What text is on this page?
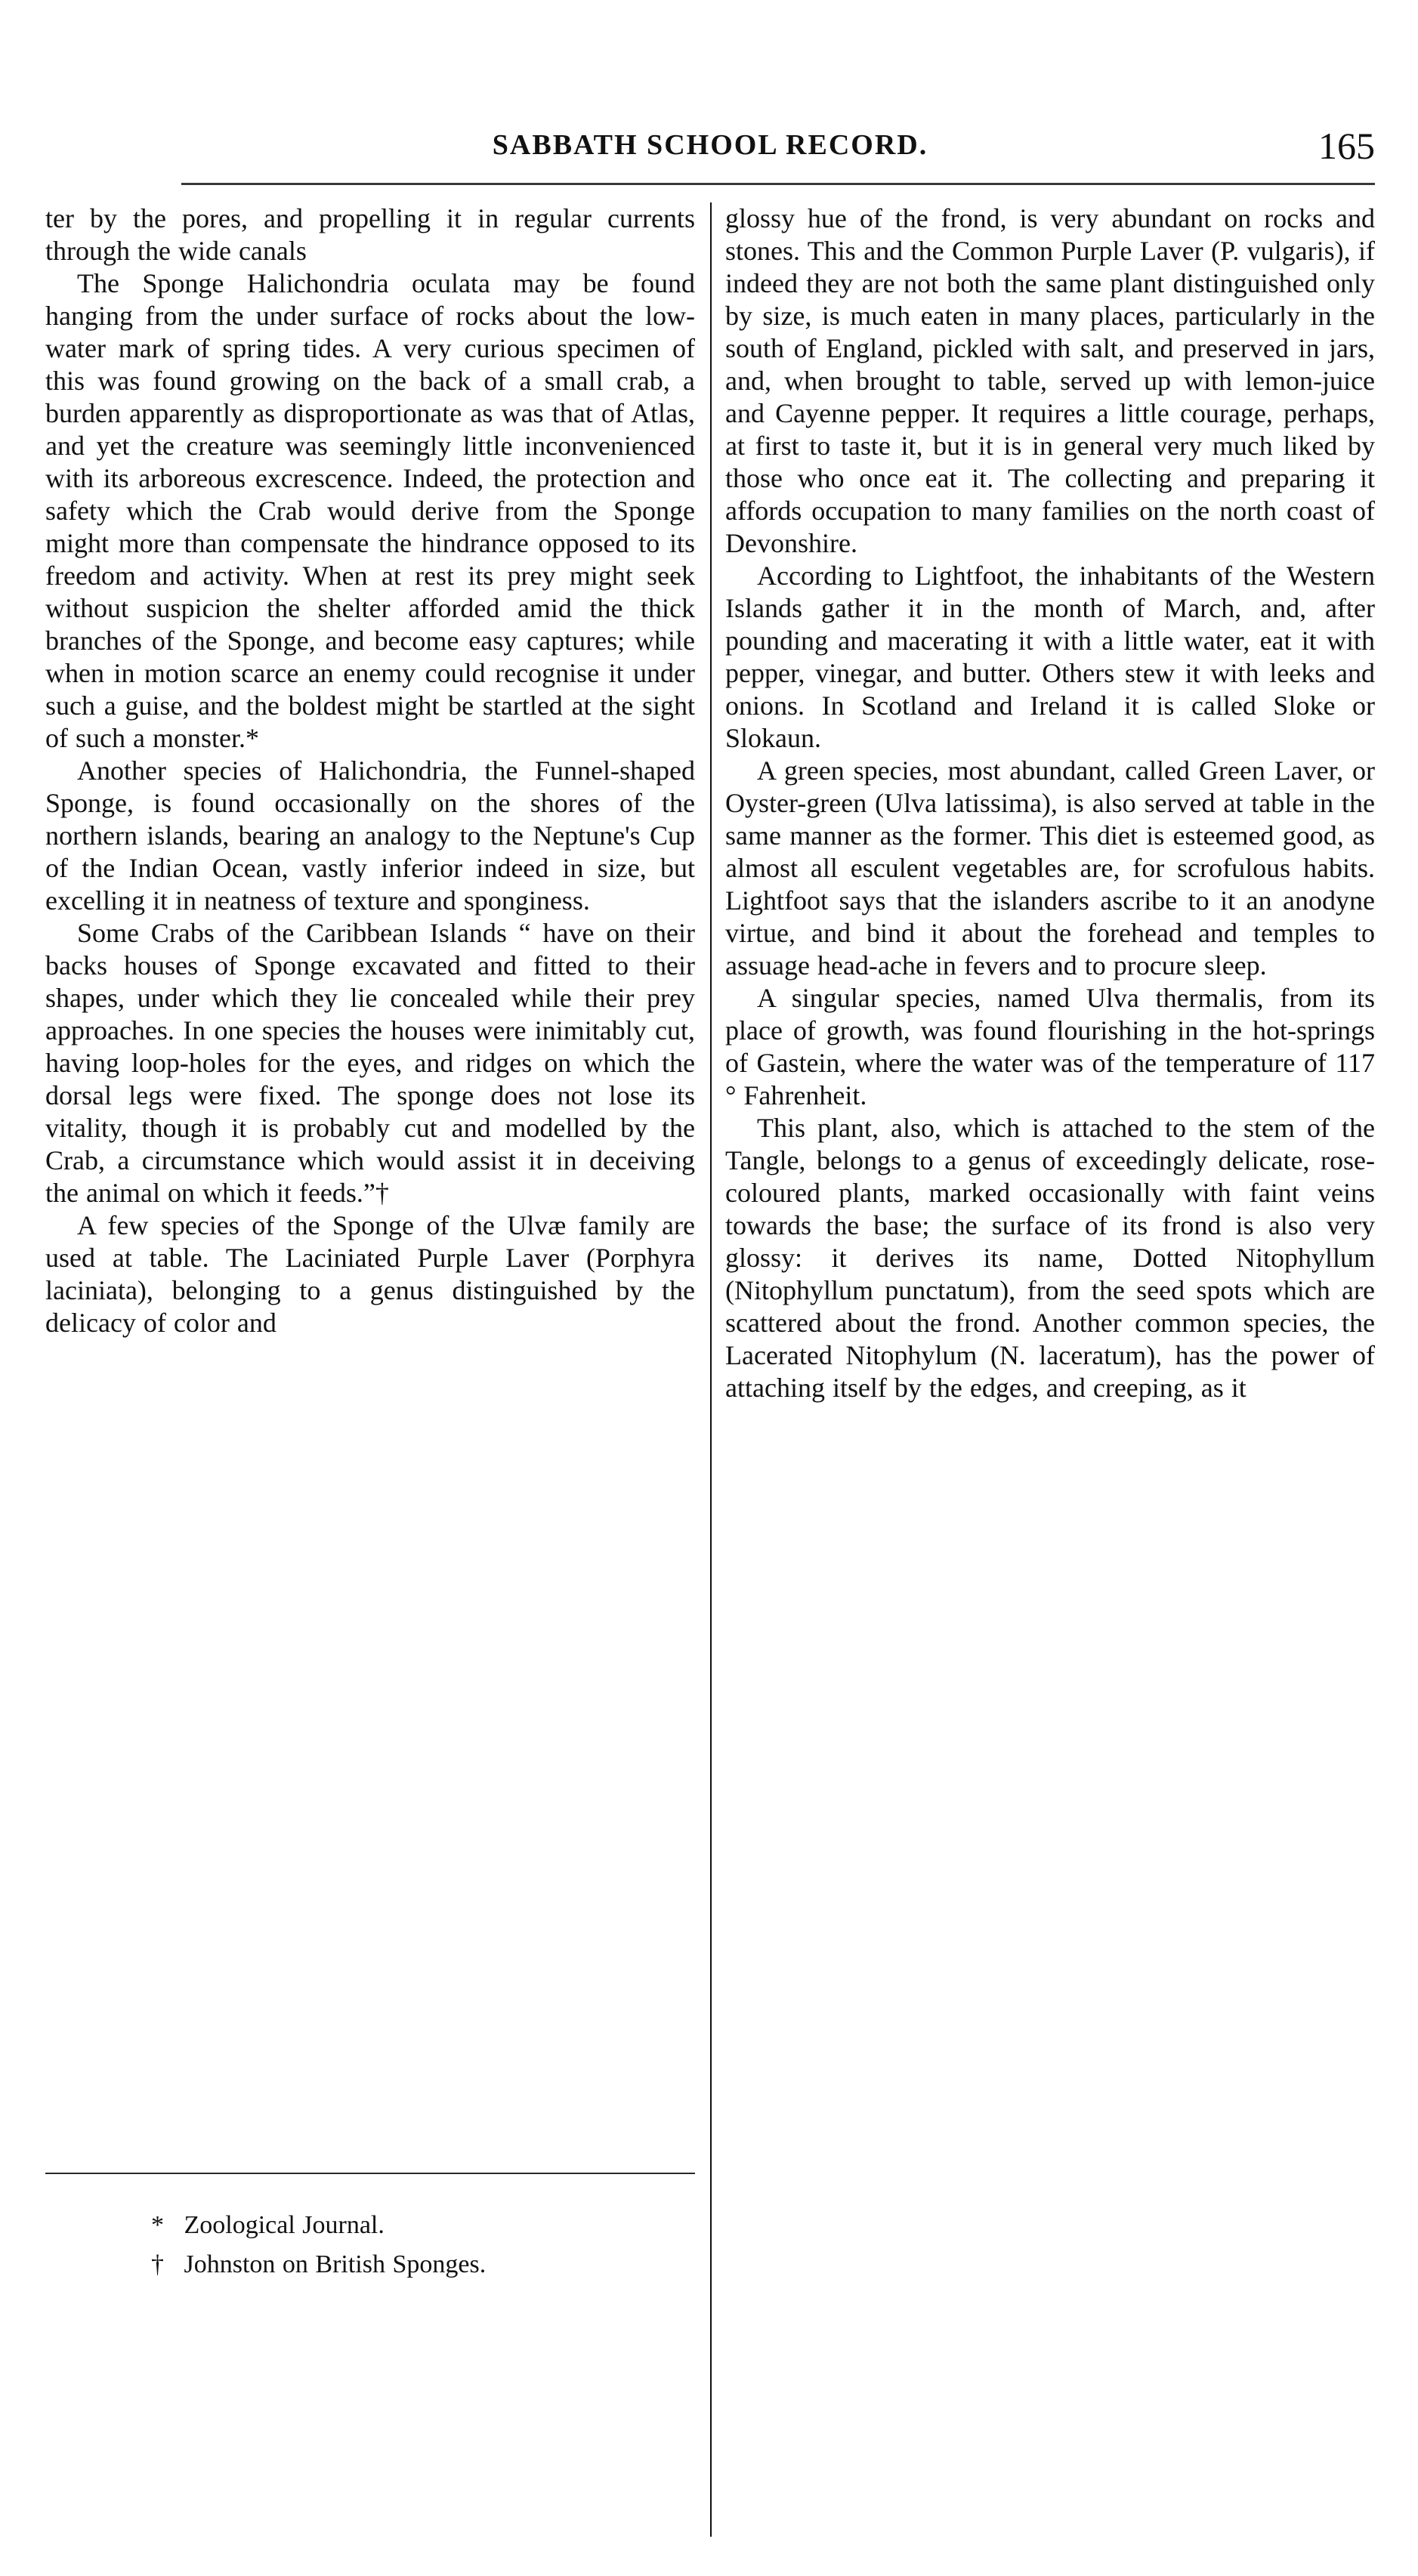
SABBATH SCHOOL RECORD.	165

ter by the pores, and propelling it in regular currents through the wide canals

The Sponge Halichondria oculata may be found hanging from the under surface of rocks about the low-water mark of spring tides. A very curious specimen of this was found growing on the back of a small crab, a burden apparently as disproportionate as was that of Atlas, and yet the creature was seemingly little inconvenienced with its arboreous excrescence. Indeed, the protection and safety which the Crab would derive from the Sponge might more than compensate the hindrance opposed to its freedom and activity. When at rest its prey might seek without suspicion the shelter afforded amid the thick branches of the Sponge, and become easy captures; while when in motion scarce an enemy could recognise it under such a guise, and the boldest might be startled at the sight of such a monster.*

Another species of Halichondria, the Funnel-shaped Sponge, is found occasionally on the shores of the northern islands, bearing an analogy to the Neptune's Cup of the Indian Ocean, vastly inferior indeed in size, but excelling it in neatness of texture and sponginess.

Some Crabs of the Caribbean Islands “ have on their backs houses of Sponge excavated and fitted to their shapes, under which they lie concealed while their prey approaches. In one species the houses were inimitably cut, having loop-holes for the eyes, and ridges on which the dorsal legs were fixed. The sponge does not lose its vitality, though it is probably cut and modelled by the Crab, a circumstance which would assist it in deceiving the animal on which it feeds.”†

A few species of the Sponge of the Ulvæ family are used at table. The Laciniated Purple Laver (Porphyra laciniata), belonging to a genus distinguished by the delicacy of color and

* Zoological Journal.
† Johnston on British Sponges.

glossy hue of the frond, is very abundant on rocks and stones. This and the Common Purple Laver (P. vulgaris), if indeed they are not both the same plant distinguished only by size, is much eaten in many places, particularly in the south of England, pickled with salt, and preserved in jars, and, when brought to table, served up with lemon-juice and Cayenne pepper. It requires a little courage, perhaps, at first to taste it, but it is in general very much liked by those who once eat it. The collecting and preparing it affords occupation to many families on the north coast of Devonshire.

According to Lightfoot, the inhabitants of the Western Islands gather it in the month of March, and, after pounding and macerating it with a little water, eat it with pepper, vinegar, and butter. Others stew it with leeks and onions. In Scotland and Ireland it is called Sloke or Slokaun.

A green species, most abundant, called Green Laver, or Oyster-green (Ulva latissima), is also served at table in the same manner as the former. This diet is esteemed good, as almost all esculent vegetables are, for scrofulous habits. Lightfoot says that the islanders ascribe to it an anodyne virtue, and bind it about the forehead and temples to assuage head-ache in fevers and to procure sleep.

A singular species, named Ulva thermalis, from its place of growth, was found flourishing in the hot-springs of Gastein, where the water was of the temperature of 117 ° Fahrenheit.

This plant, also, which is attached to the stem of the Tangle, belongs to a genus of exceedingly delicate, rose-coloured plants, marked occasionally with faint veins towards the base; the surface of its frond is also very glossy: it derives its name, Dotted Nitophyllum (Nitophyllum punctatum), from the seed spots which are scattered about the frond. Another common species, the Lacerated Nitophylum (N. laceratum), has the power of attaching itself by the edges, and creeping, as it
